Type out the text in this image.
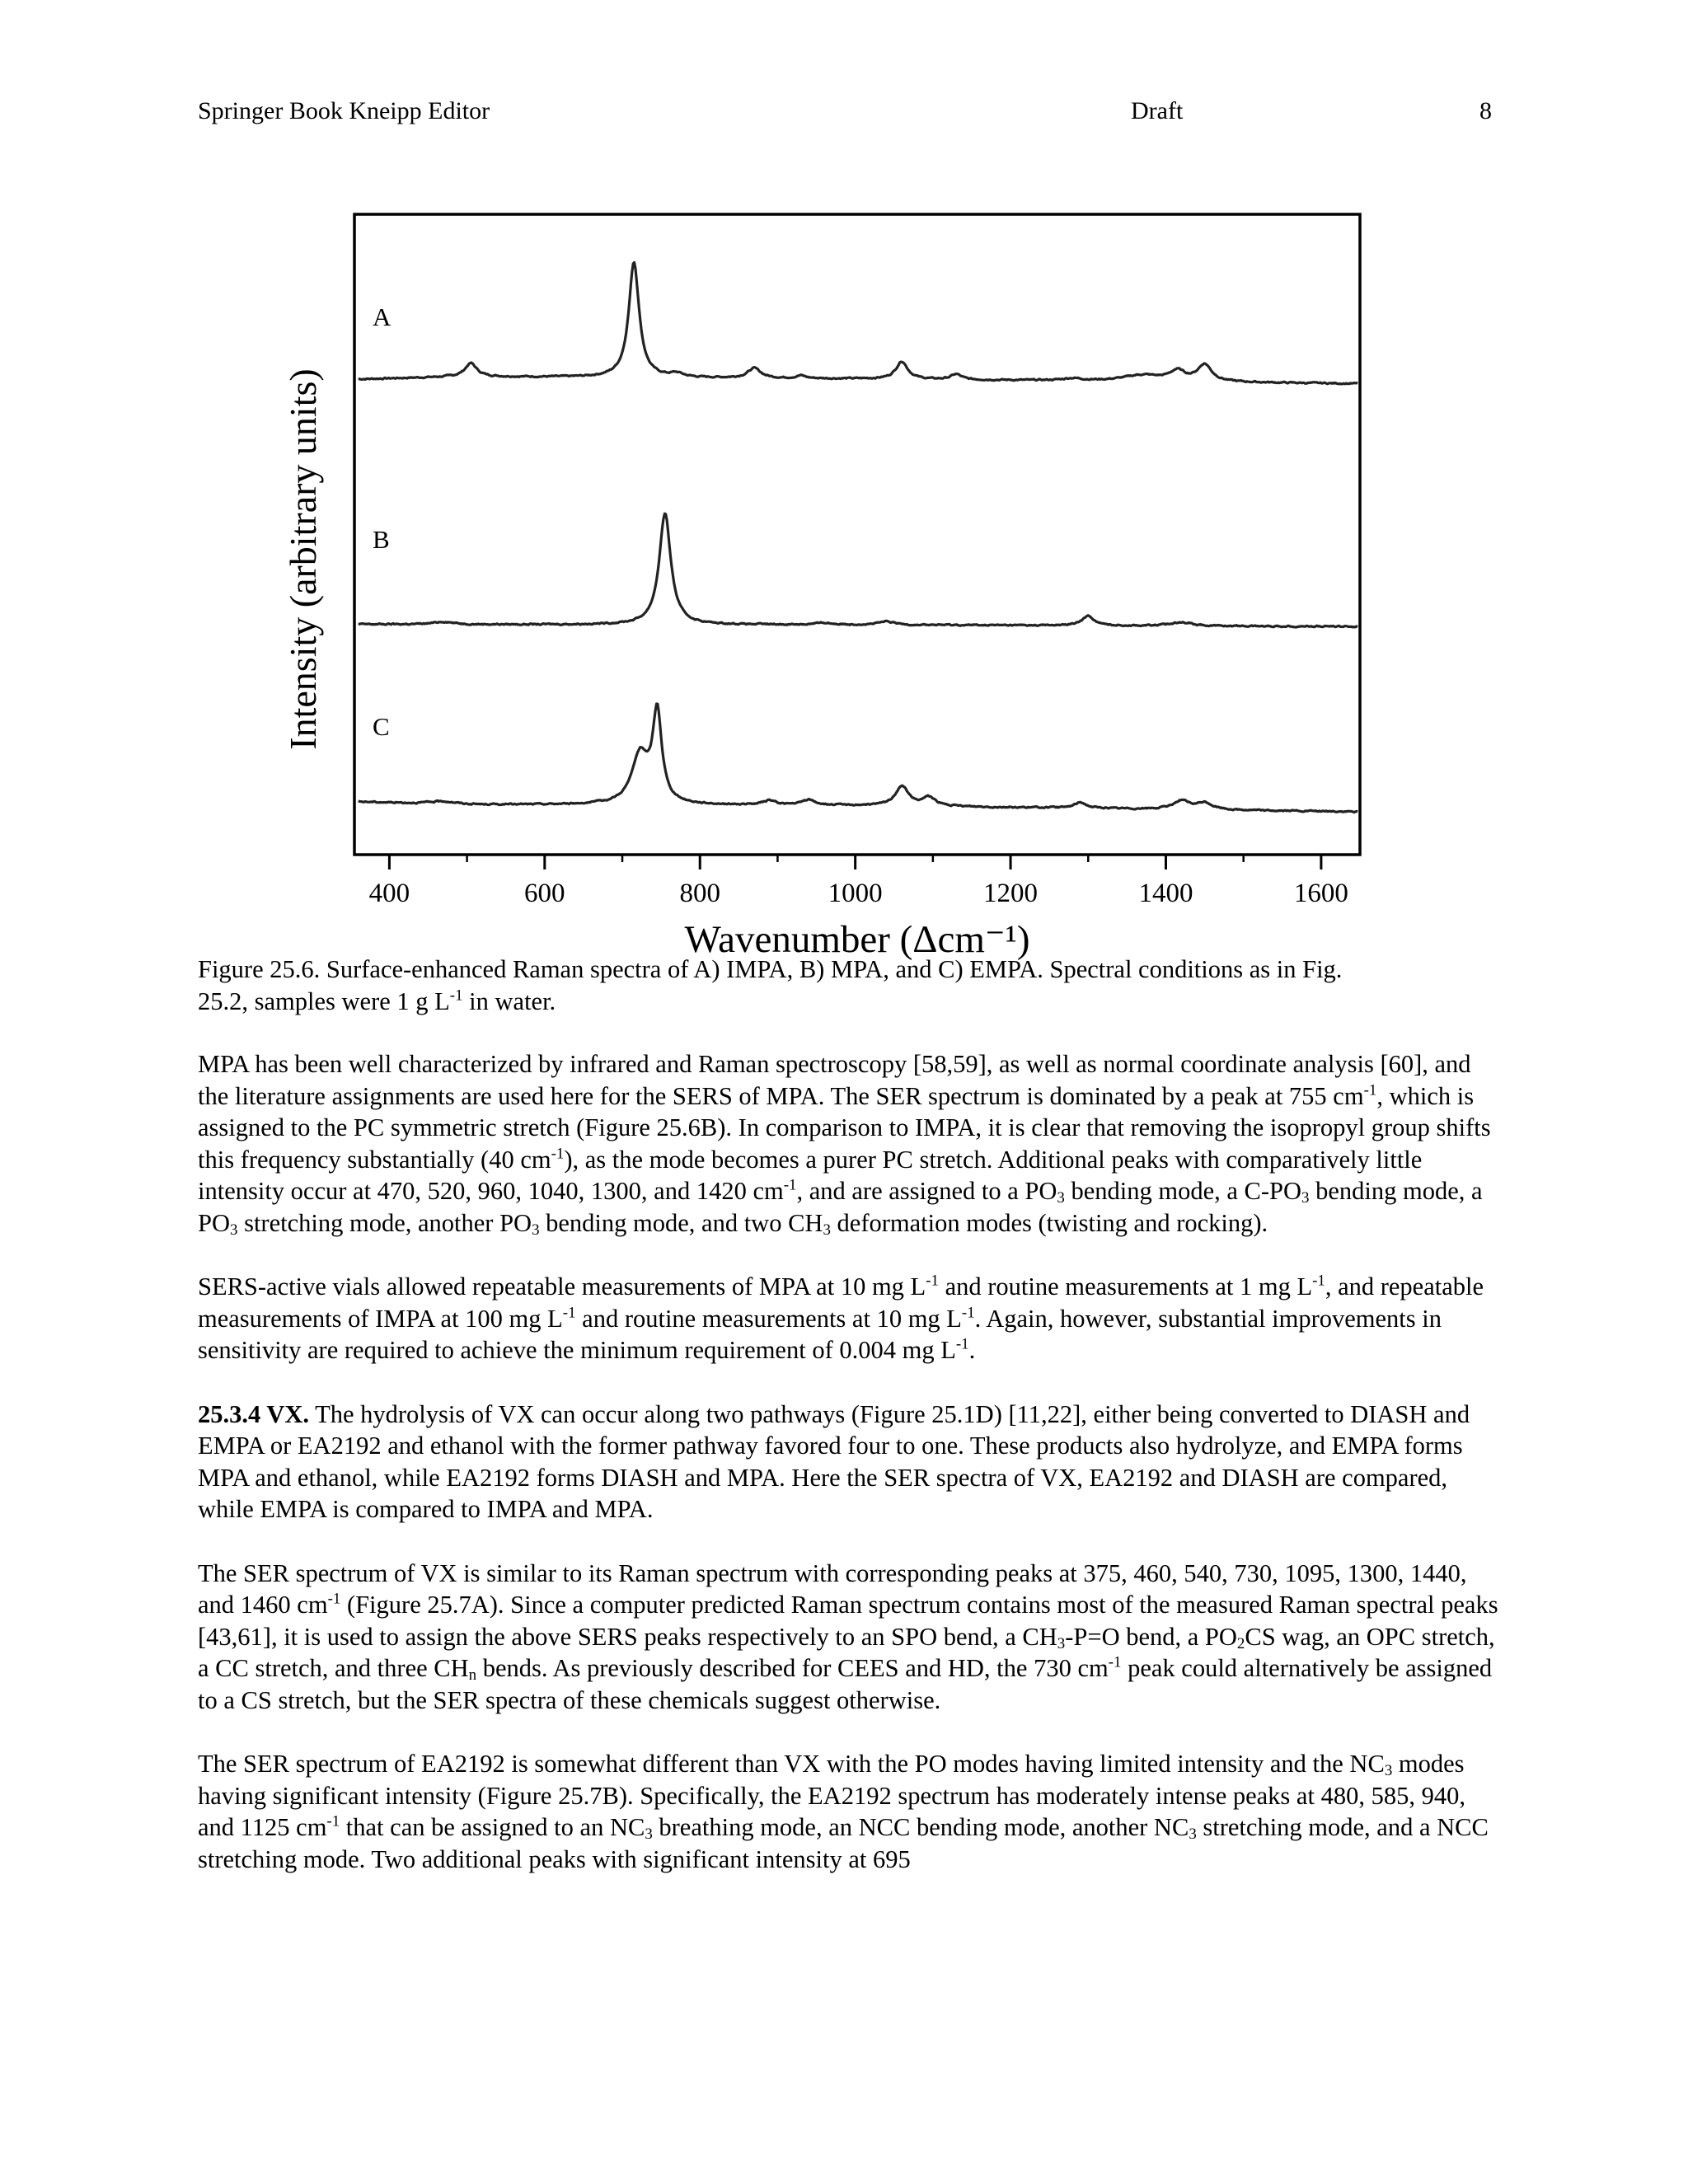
Springer Book Kneipp Editor	Draft	8
A
B
C
Intensity (arbitrary units)
400	600	800	1000	1200	1400	1600
Wavenumber (Δcm⁻¹)
Figure 25.6. Surface-enhanced Raman spectra of A) IMPA, B) MPA, and C) EMPA. Spectral conditions as in Fig.
25.2, samples were 1 g $L^{-1}$ in water.

MPA has been well characterized by infrared and Raman spectroscopy [58,59], as well as normal coordinate analysis [60], and the literature assignments are used here for the SERS of MPA. The SER spectrum is dominated by a peak at 755 $cm^{-1}$, which is assigned to the PC symmetric stretch (Figure 25.6B). In comparison to IMPA, it is clear that removing the isopropyl group shifts this frequency substantially (40 $cm^{-1}$), as the mode becomes a purer PC stretch. Additional peaks with comparatively little intensity occur at 470, 520, 960, 1040, 1300, and 1420 $cm^{-1}$, and are assigned to a $PO_3$ bending mode, a $C-PO_3$ bending mode, a $PO_3$ stretching mode, another $PO_3$ bending mode, and two $CH_3$ deformation modes (twisting and rocking).

SERS-active vials allowed repeatable measurements of MPA at 10 mg $L^{-1}$ and routine measurements at 1 mg $L^{-1}$, and repeatable measurements of IMPA at 100 mg $L^{-1}$ and routine measurements at 10 mg $L^{-1}$. Again, however, substantial improvements in sensitivity are required to achieve the minimum requirement of 0.004 mg $L^{-1}$.

25.3.4 VX. The hydrolysis of VX can occur along two pathways (Figure 25.1D) [11,22], either being converted to DIASH and EMPA or EA2192 and ethanol with the former pathway favored four to one. These products also hydrolyze, and EMPA forms MPA and ethanol, while EA2192 forms DIASH and MPA. Here the SER spectra of VX, EA2192 and DIASH are compared, while EMPA is compared to IMPA and MPA.

The SER spectrum of VX is similar to its Raman spectrum with corresponding peaks at 375, 460, 540, 730, 1095, 1300, 1440, and 1460 $cm^{-1}$ (Figure 25.7A). Since a computer predicted Raman spectrum contains most of the measured Raman spectral peaks [43,61], it is used to assign the above SERS peaks respectively to an SPO bend, a $CH_3-P=O$ bend, a $PO_2CS$ wag, an OPC stretch, a CC stretch, and three $CH_n$ bends. As previously described for CEES and HD, the 730 $cm^{-1}$ peak could alternatively be assigned to a CS stretch, but the SER spectra of these chemicals suggest otherwise.

The SER spectrum of EA2192 is somewhat different than VX with the PO modes having limited intensity and the $NC_3$ modes having significant intensity (Figure 25.7B). Specifically, the EA2192 spectrum has moderately intense peaks at 480, 585, 940, and 1125 $cm^{-1}$ that can be assigned to an $NC_3$ breathing mode, an NCC bending mode, another $NC_3$ stretching mode, and a NCC stretching mode. Two additional peaks with significant intensity at 695
